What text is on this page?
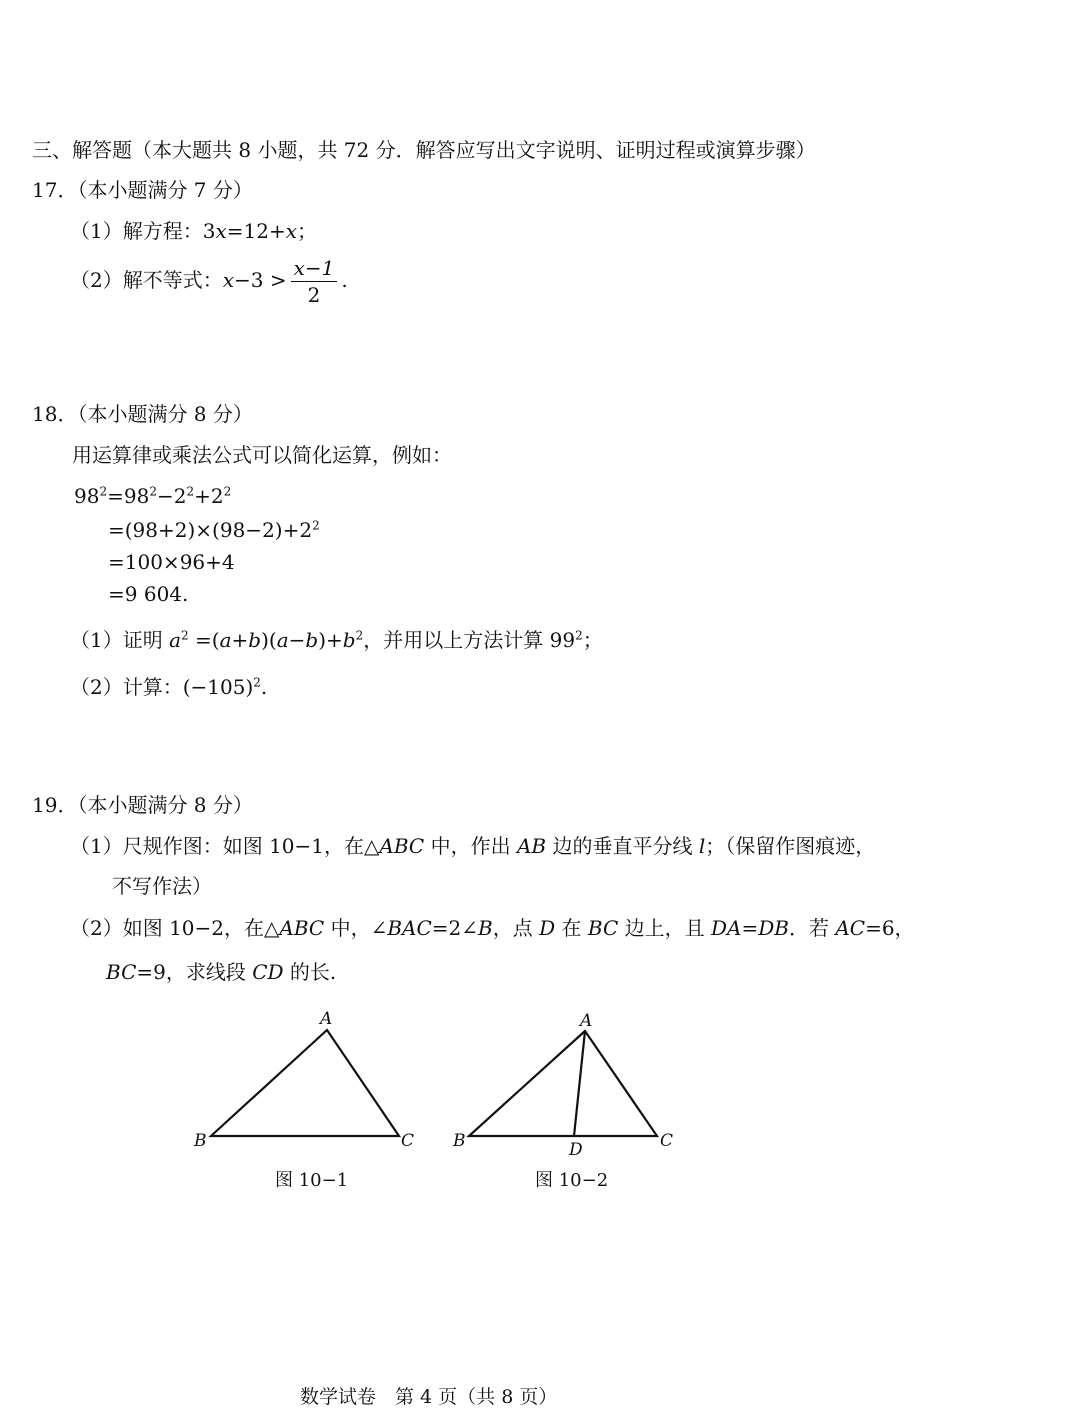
三、解答题（本大题共 8 小题，共 72 分．解答应写出文字说明、证明过程或演算步骤）
17．（本小题满分 7 分）
（1）解方程：3x=12+x；
（2）解不等式：$x-3 > \frac{x-1}{2}$ .
18．（本小题满分 8 分）
用运算律或乘法公式可以简化运算，例如：
$98^2=98^2-2^2+2^2$
$=(98+2)\times(98-2)+2^2$
=100×96+4
=9 604.
（1）证明 $a^2 =(a+b)(a-b)+b^2$，并用以上方法计算 $99^2$；
（2）计算：$(-105)^2$.
19．（本小题满分 8 分）
（1）尺规作图：如图 10−1，在△ABC 中，作出 AB 边的垂直平分线 l；（保留作图痕迹，
不写作法）
（2）如图 10−2，在△ABC 中，∠BAC=2∠B，点 D 在 BC 边上，且 DA=DB．若 AC=6，
BC=9，求线段 CD 的长.
A
B	C
图 10−1
A
B	C
D
图 10−2
数学试卷　第 4 页（共 8 页）
